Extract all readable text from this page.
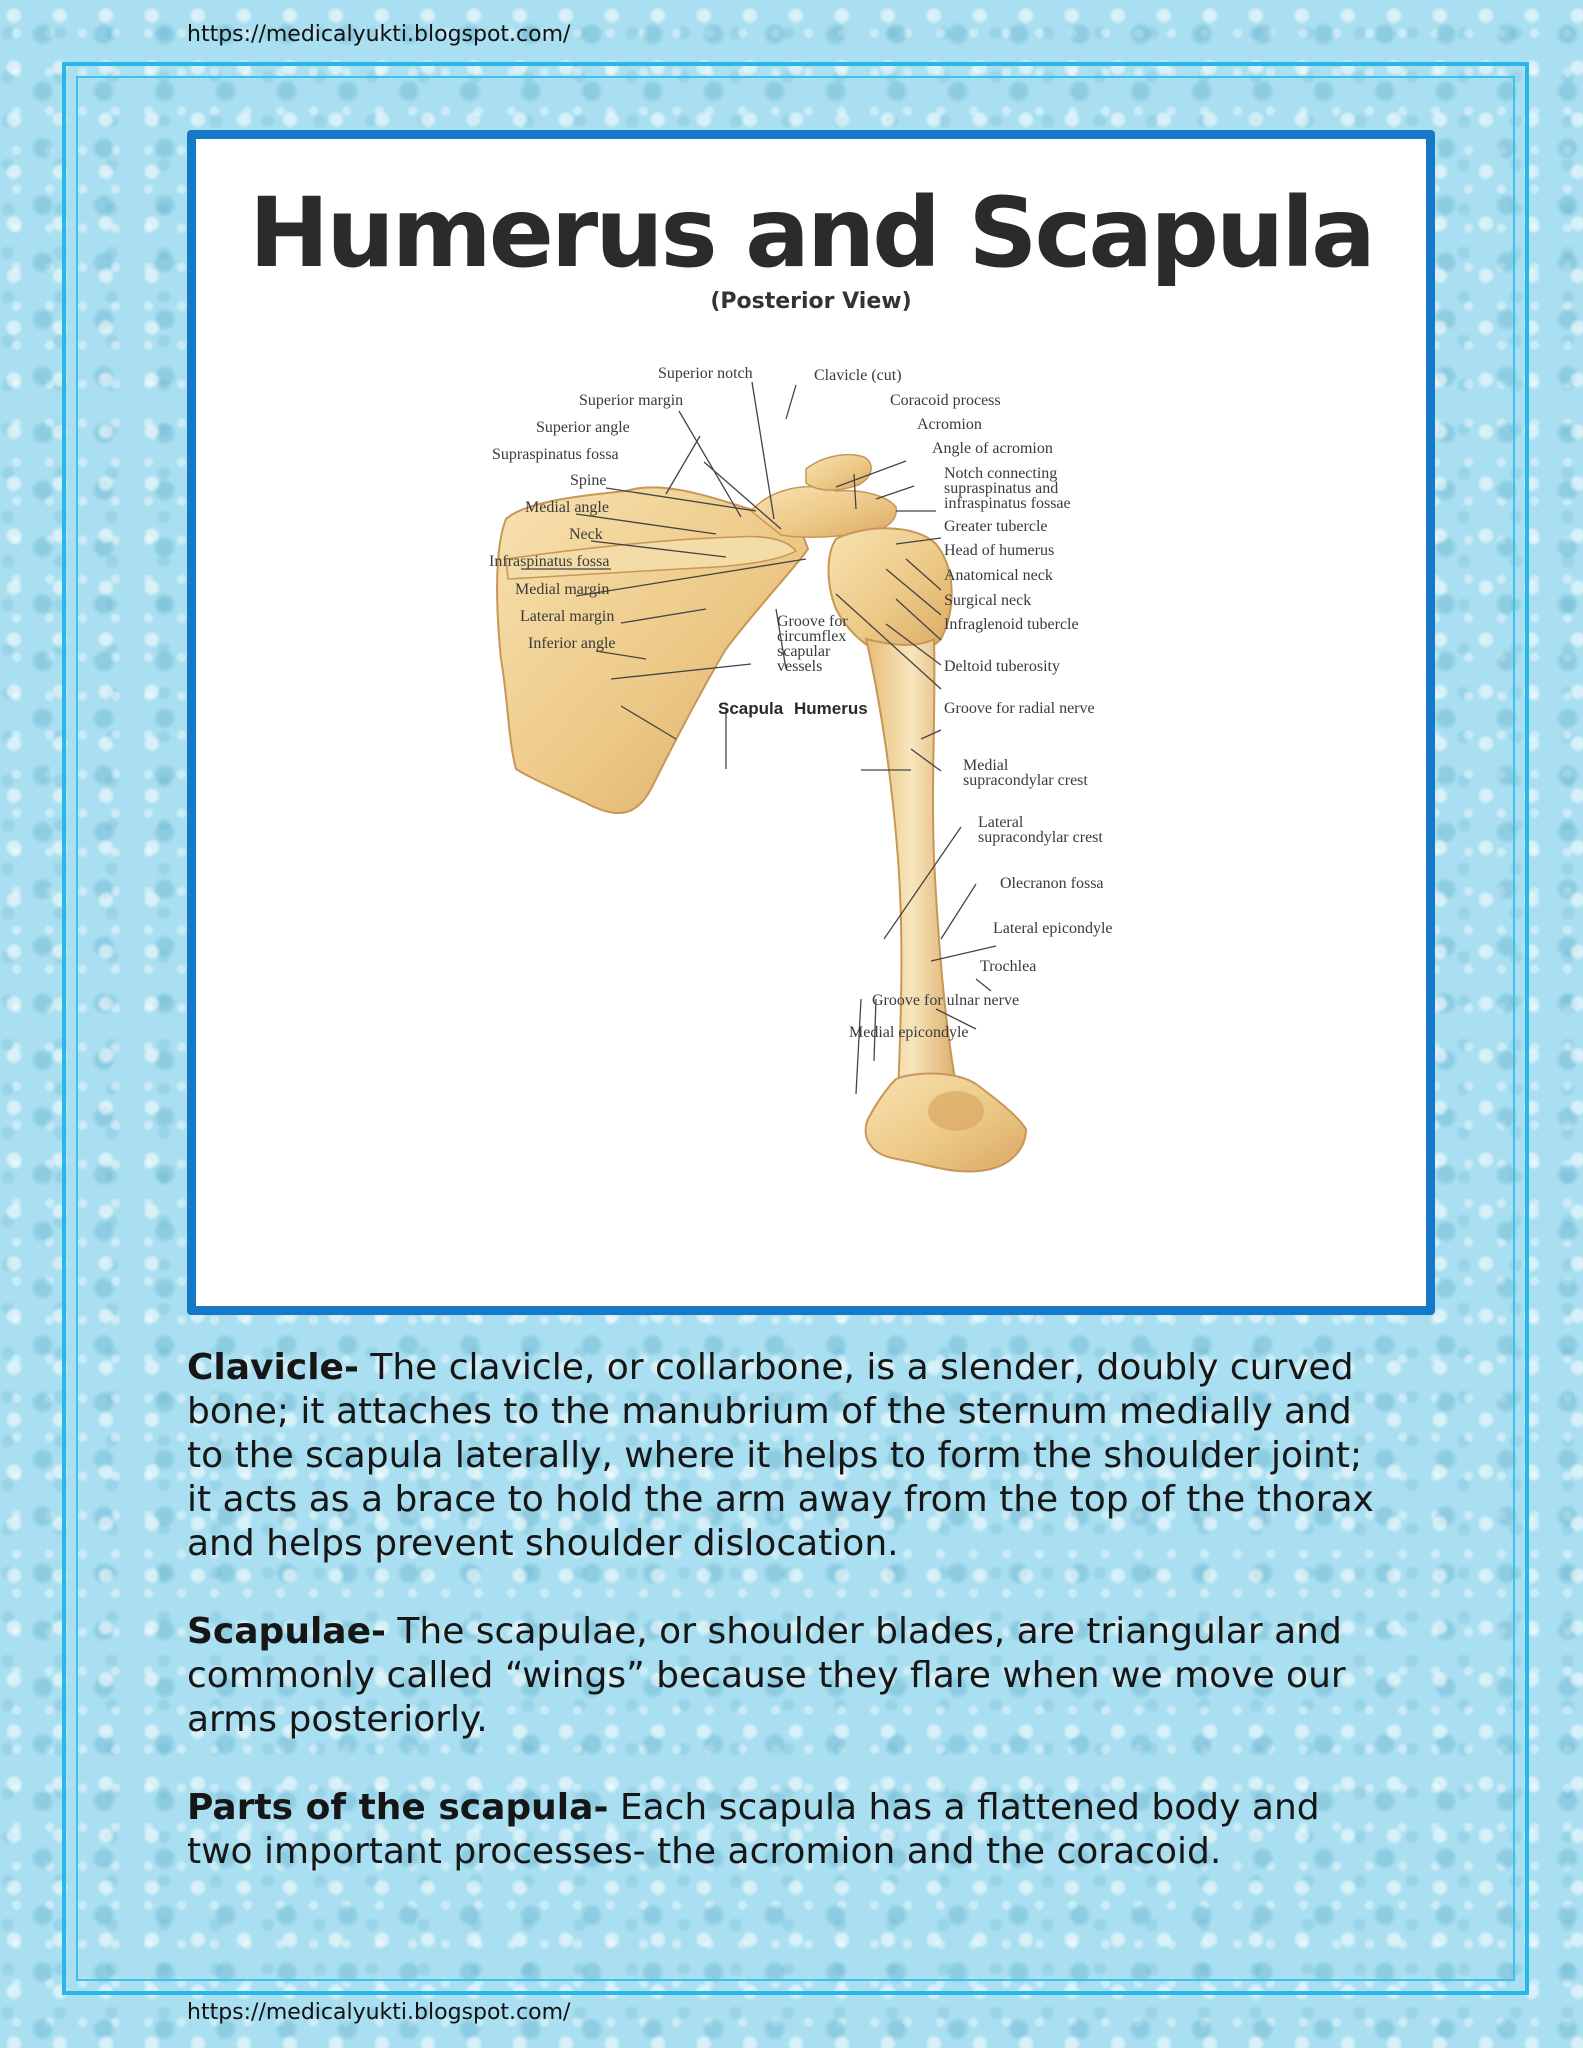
https://medicalyukti.blogspot.com/
Humerus and Scapula
(Posterior View)
Superior notch	Clavicle (cut)
Superior margin	Coracoid process
Superior angle	Acromion
Supraspinatus fossa	Angle of acromion
Spine	Notch connecting
supraspinatus and
infraspinatus fossae
Medial angle
Greater tubercle
Neck
Head of humerus
Infraspinatus fossa
Anatomical neck
Medial margin
Surgical neck
Lateral margin	Groove for
circumflex
scapular
vessels
Infraglenoid tubercle
Inferior angle
Deltoid tuberosity
Scapula Humerus	Groove for radial nerve
Medial
supracondylar crest
Lateral
supracondylar crest
Olecranon fossa
Lateral epicondyle
Trochlea
Groove for ulnar nerve
Medial epicondyle
Clavicle- The clavicle, or collarbone, is a slender, doubly curved
bone; it attaches to the manubrium of the sternum medially and
to the scapula laterally, where it helps to form the shoulder joint;
it acts as a brace to hold the arm away from the top of the thorax
and helps prevent shoulder dislocation.
Scapulae- The scapulae, or shoulder blades, are triangular and
commonly called “wings” because they flare when we move our
arms posteriorly.
Parts of the scapula- Each scapula has a flattened body and
two important processes- the acromion and the coracoid.
https://medicalyukti.blogspot.com/
